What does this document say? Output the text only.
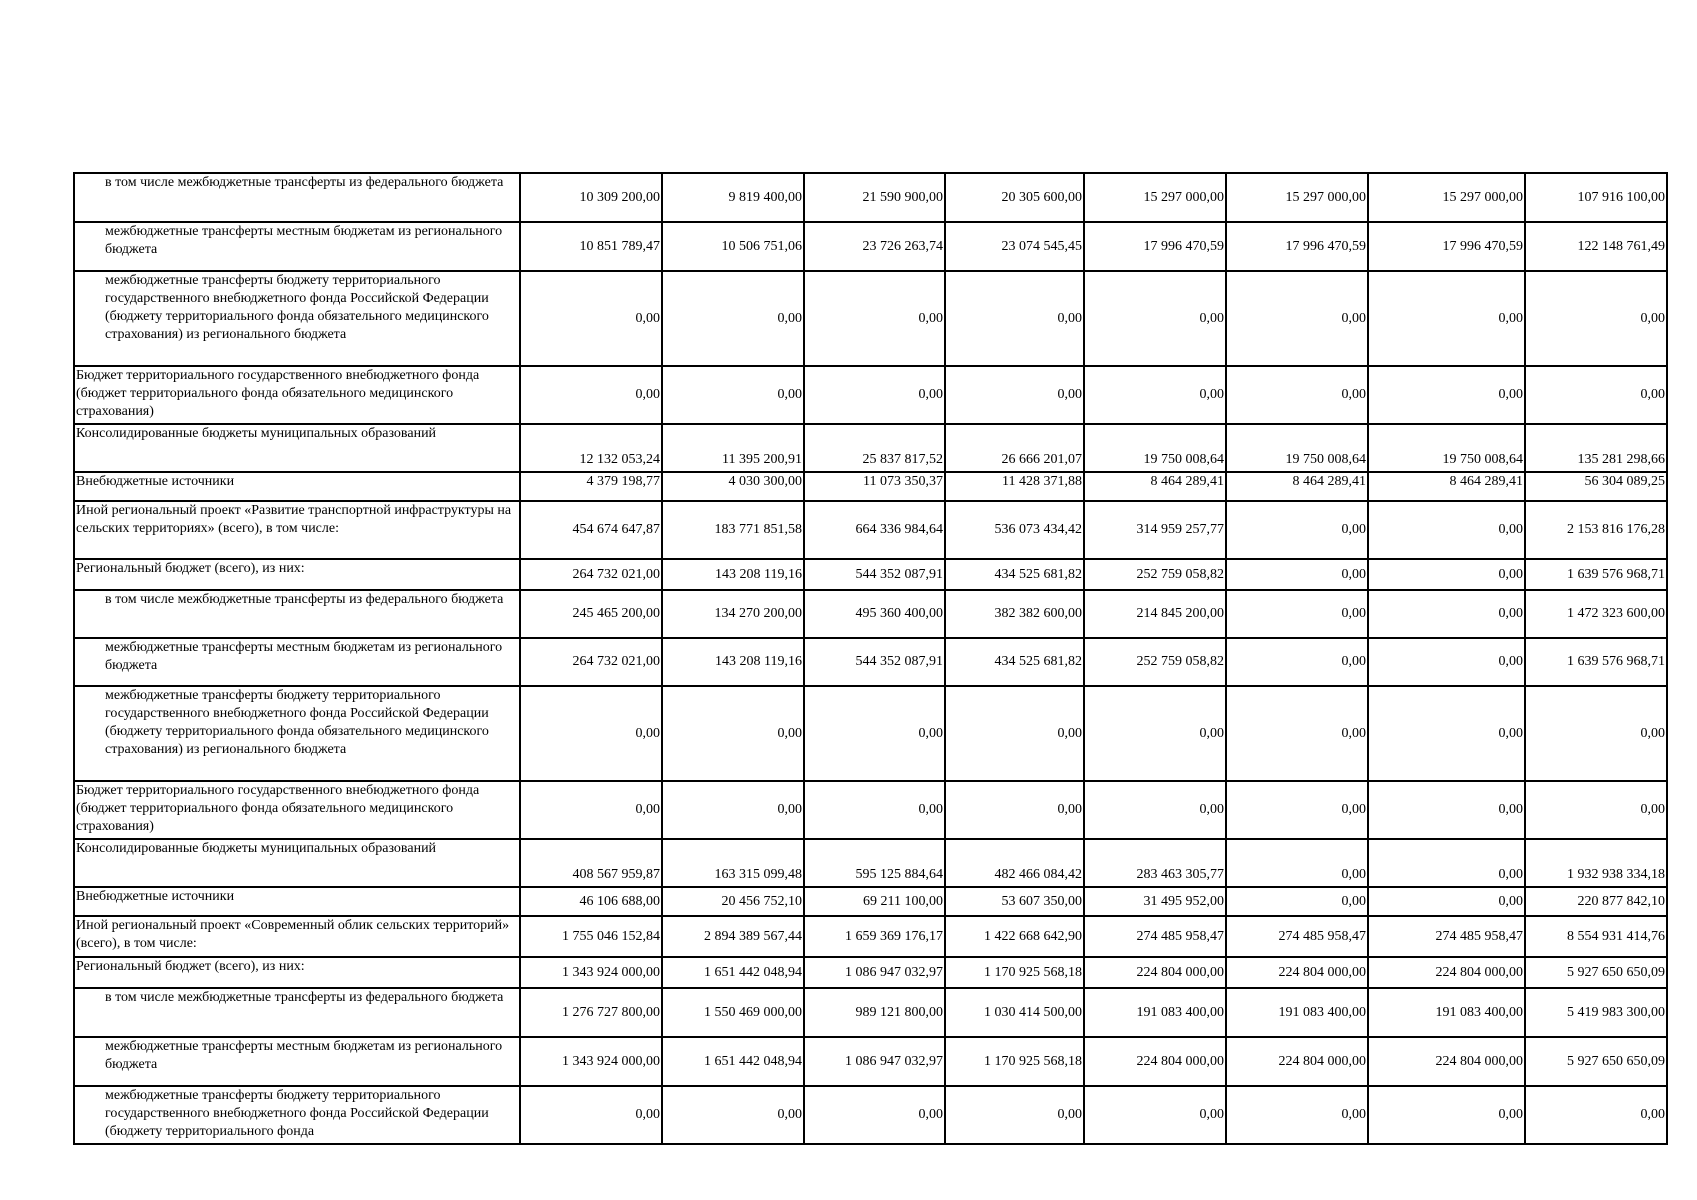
в том числе межбюджетные трансферты из федерального бюджета	10 309 200,00	9 819 400,00	21 590 900,00	20 305 600,00	15 297 000,00	15 297 000,00	15 297 000,00	107 916 100,00
межбюджетные трансферты местным бюджетам из регионального бюджета	10 851 789,47	10 506 751,06	23 726 263,74	23 074 545,45	17 996 470,59	17 996 470,59	17 996 470,59	122 148 761,49
межбюджетные трансферты бюджету территориального государственного внебюджетного фонда Российской Федерации (бюджету территориального фонда обязательного медицинского страхования) из регионального бюджета	0,00	0,00	0,00	0,00	0,00	0,00	0,00	0,00
Бюджет территориального государственного внебюджетного фонда (бюджет территориального фонда обязательного медицинского страхования)	0,00	0,00	0,00	0,00	0,00	0,00	0,00	0,00
Консолидированные бюджеты муниципальных образований	12 132 053,24	11 395 200,91	25 837 817,52	26 666 201,07	19 750 008,64	19 750 008,64	19 750 008,64	135 281 298,66
Внебюджетные источники	4 379 198,77	4 030 300,00	11 073 350,37	11 428 371,88	8 464 289,41	8 464 289,41	8 464 289,41	56 304 089,25
Иной региональный проект «Развитие транспортной инфраструктуры на сельских территориях» (всего), в том числе:	454 674 647,87	183 771 851,58	664 336 984,64	536 073 434,42	314 959 257,77	0,00	0,00	2 153 816 176,28
Региональный бюджет (всего), из них:	264 732 021,00	143 208 119,16	544 352 087,91	434 525 681,82	252 759 058,82	0,00	0,00	1 639 576 968,71
в том числе межбюджетные трансферты из федерального бюджета	245 465 200,00	134 270 200,00	495 360 400,00	382 382 600,00	214 845 200,00	0,00	0,00	1 472 323 600,00
межбюджетные трансферты местным бюджетам из регионального бюджета	264 732 021,00	143 208 119,16	544 352 087,91	434 525 681,82	252 759 058,82	0,00	0,00	1 639 576 968,71
межбюджетные трансферты бюджету территориального государственного внебюджетного фонда Российской Федерации (бюджету территориального фонда обязательного медицинского страхования) из регионального бюджета	0,00	0,00	0,00	0,00	0,00	0,00	0,00	0,00
Бюджет территориального государственного внебюджетного фонда (бюджет территориального фонда обязательного медицинского страхования)	0,00	0,00	0,00	0,00	0,00	0,00	0,00	0,00
Консолидированные бюджеты муниципальных образований	408 567 959,87	163 315 099,48	595 125 884,64	482 466 084,42	283 463 305,77	0,00	0,00	1 932 938 334,18
Внебюджетные источники	46 106 688,00	20 456 752,10	69 211 100,00	53 607 350,00	31 495 952,00	0,00	0,00	220 877 842,10
Иной региональный проект «Современный облик сельских территорий» (всего), в том числе:	1 755 046 152,84	2 894 389 567,44	1 659 369 176,17	1 422 668 642,90	274 485 958,47	274 485 958,47	274 485 958,47	8 554 931 414,76
Региональный бюджет (всего), из них:	1 343 924 000,00	1 651 442 048,94	1 086 947 032,97	1 170 925 568,18	224 804 000,00	224 804 000,00	224 804 000,00	5 927 650 650,09
в том числе межбюджетные трансферты из федерального бюджета	1 276 727 800,00	1 550 469 000,00	989 121 800,00	1 030 414 500,00	191 083 400,00	191 083 400,00	191 083 400,00	5 419 983 300,00
межбюджетные трансферты местным бюджетам из регионального бюджета	1 343 924 000,00	1 651 442 048,94	1 086 947 032,97	1 170 925 568,18	224 804 000,00	224 804 000,00	224 804 000,00	5 927 650 650,09
межбюджетные трансферты бюджету территориального государственного внебюджетного фонда Российской Федерации (бюджету территориального фонда	0,00	0,00	0,00	0,00	0,00	0,00	0,00	0,00
